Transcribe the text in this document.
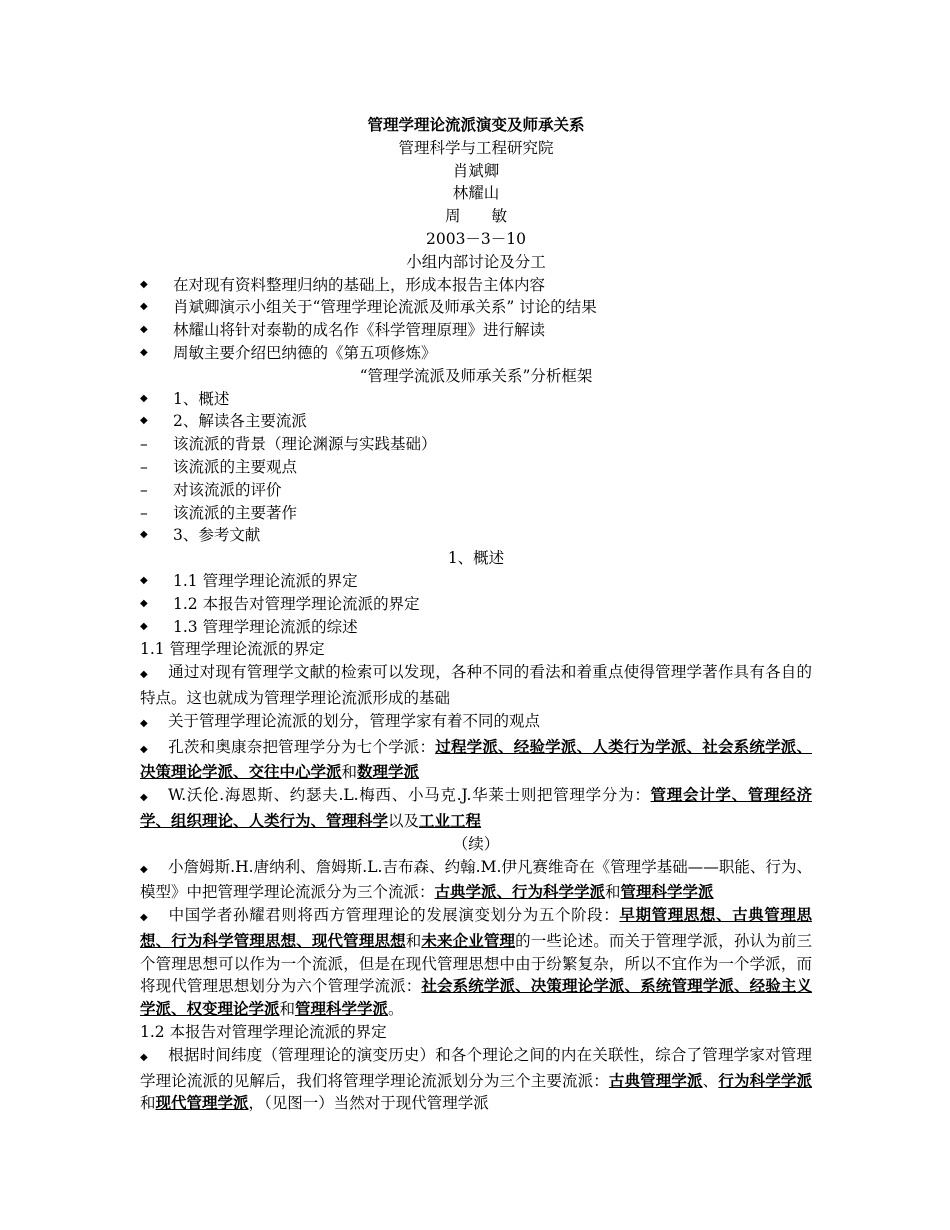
管理学理论流派演变及师承关系
管理科学与工程研究院
肖斌卿
林耀山
周　　敏
2003－3－10
小组内部讨论及分工
◆	在对现有资料整理归纳的基础上，形成本报告主体内容
◆	肖斌卿演示小组关于“管理学理论流派及师承关系” 讨论的结果
◆	林耀山将针对泰勒的成名作《科学管理原理》进行解读
◆	周敏主要介绍巴纳德的《第五项修炼》
“管理学流派及师承关系”分析框架
◆	1、概述
◆	2、解读各主要流派
–	该流派的背景（理论渊源与实践基础）
–	该流派的主要观点
–	对该流派的评价
–	该流派的主要著作
◆	3、参考文献
1、概述
◆	1.1 管理学理论流派的界定
◆	1.2 本报告对管理学理论流派的界定
◆	1.3 管理学理论流派的综述
1.1 管理学理论流派的界定
◆ 通过对现有管理学文献的检索可以发现，各种不同的看法和着重点使得管理学著作具有各自的特点。这也就成为管理学理论流派形成的基础
◆ 关于管理学理论流派的划分，管理学家有着不同的观点
◆ 孔茨和奥康奈把管理学分为七个学派：过程学派、经验学派、人类行为学派、社会系统学派、决策理论学派、交往中心学派和数理学派
◆ W.沃伦.海恩斯、约瑟夫.L.梅西、小马克.J.华莱士则把管理学分为：管理会计学、管理经济学、组织理论、人类行为、管理科学以及工业工程
（续）
◆ 小詹姆斯.H.唐纳利、詹姆斯.L.吉布森、约翰.M.伊凡赛维奇在《管理学基础——职能、行为、模型》中把管理学理论流派分为三个流派：古典学派、行为科学学派和管理科学学派
◆ 中国学者孙耀君则将西方管理理论的发展演变划分为五个阶段：早期管理思想、古典管理思想、行为科学管理思想、现代管理思想和未来企业管理的一些论述。而关于管理学派，孙认为前三个管理思想可以作为一个流派，但是在现代管理思想中由于纷繁复杂，所以不宜作为一个学派，而将现代管理思想划分为六个管理学流派：社会系统学派、决策理论学派、系统管理学派、经验主义学派、权变理论学派和管理科学学派。
1.2 本报告对管理学理论流派的界定
◆ 根据时间纬度（管理理论的演变历史）和各个理论之间的内在关联性，综合了管理学家对管理学理论流派的见解后，我们将管理学理论流派划分为三个主要流派：古典管理学派、行为科学学派和现代管理学派，（见图一）当然对于现代管理学派
